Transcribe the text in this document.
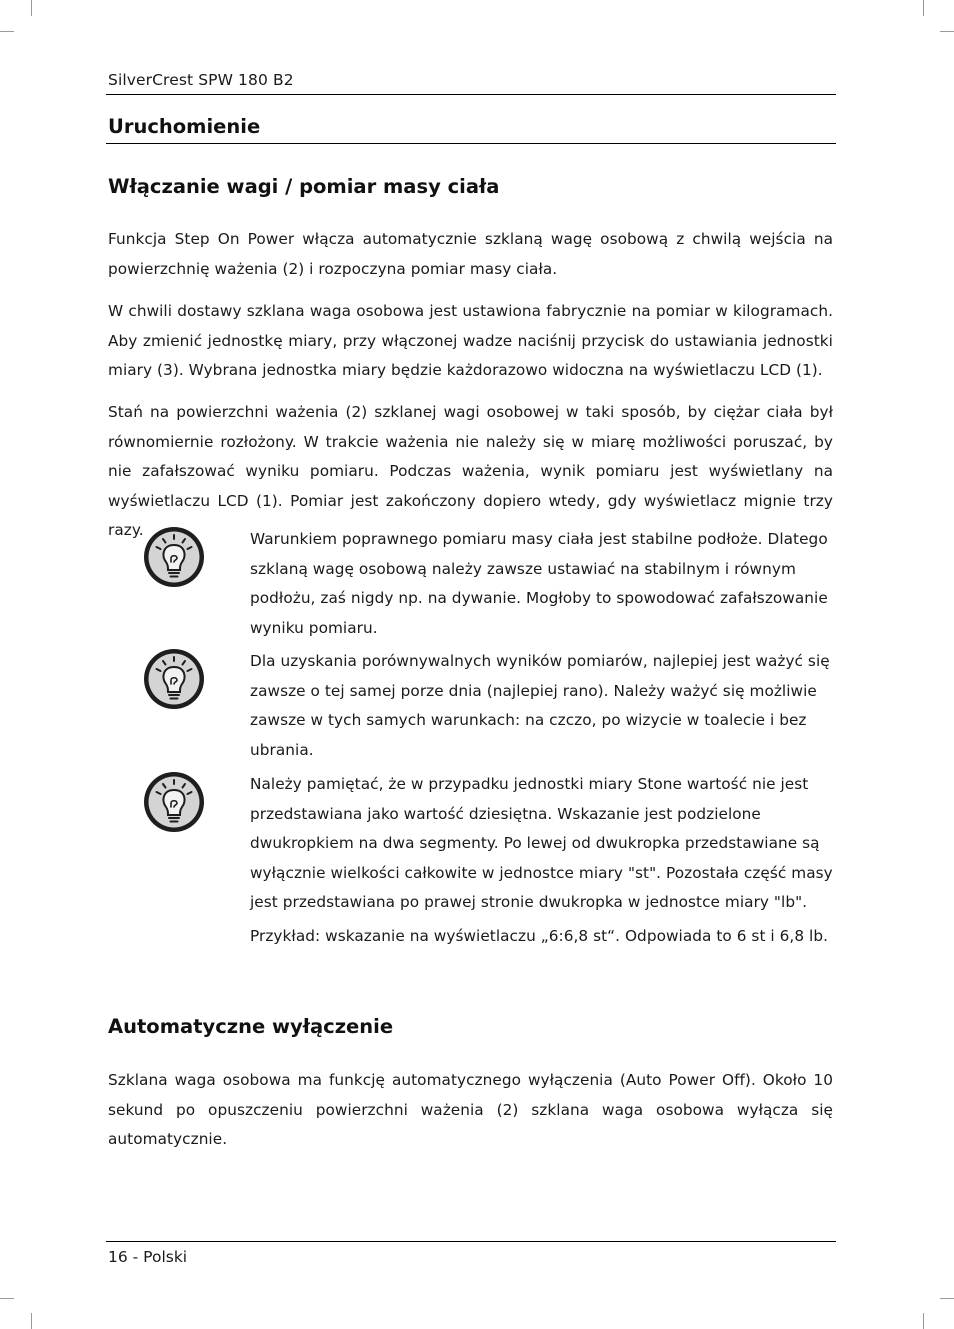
SilverCrest SPW 180 B2
Uruchomienie
Włączanie wagi / pomiar masy ciała

Funkcja Step On Power włącza automatycznie szklaną wagę osobową z chwilą wejścia na powierzchnię ważenia (2) i rozpoczyna pomiar masy ciała.

W chwili dostawy szklana waga osobowa jest ustawiona fabrycznie na pomiar w kilogramach. Aby zmienić jednostkę miary, przy włączonej wadze naciśnij przycisk do ustawiania jednostki miary (3). Wybrana jednostka miary będzie każdorazowo widoczna na wyświetlaczu LCD (1).

Stań na powierzchni ważenia (2) szklanej wagi osobowej w taki sposób, by ciężar ciała był równomiernie rozłożony. W trakcie ważenia nie należy się w miarę możliwości poruszać, by nie zafałszować wyniku pomiaru. Podczas ważenia, wynik pomiaru jest wyświetlany na wyświetlaczu LCD (1). Pomiar jest zakończony dopiero wtedy, gdy wyświetlacz mignie trzy razy.	Warunkiem poprawnego pomiaru masy ciała jest stabilne podłoże. Dlatego szklaną wagę osobową należy zawsze ustawiać na stabilnym i równym podłożu, zaś nigdy np. na dywanie. Mogłoby to spowodować zafałszowanie wyniku pomiaru.

Dla uzyskania porównywalnych wyników pomiarów, najlepiej jest ważyć się zawsze o tej samej porze dnia (najlepiej rano). Należy ważyć się możliwie zawsze w tych samych warunkach: na czczo, po wizycie w toalecie i bez ubrania.

Należy pamiętać, że w przypadku jednostki miary Stone wartość nie jest przedstawiana jako wartość dziesiętna. Wskazanie jest podzielone dwukropkiem na dwa segmenty. Po lewej od dwukropka przedstawiane są wyłącznie wielkości całkowite w jednostce miary "st". Pozostała część masy jest przedstawiana po prawej stronie dwukropka w jednostce miary "lb".

Przykład: wskazanie na wyświetlaczu „6:6,8 st“. Odpowiada to 6 st i 6,8 lb.

Automatyczne wyłączenie

Szklana waga osobowa ma funkcję automatycznego wyłączenia (Auto Power Off). Około 10 sekund po opuszczeniu powierzchni ważenia (2) szklana waga osobowa wyłącza się automatycznie.

16 - Polski
